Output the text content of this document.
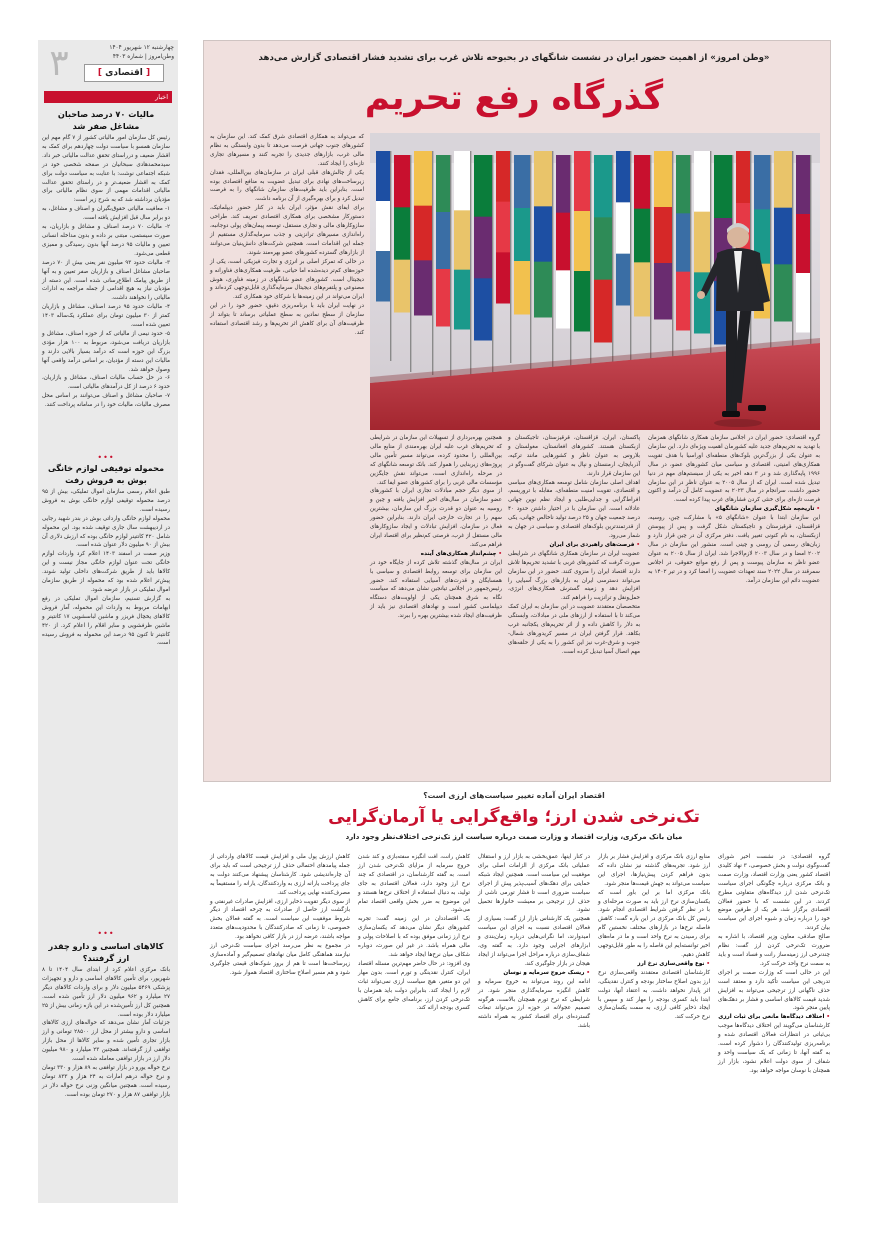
۳	چهارشنبه ۱۲ شهریور ۱۴۰۴
وطن‌امروز | شماره ۴۴۰۳
[ اقتصادی ]
اخبار
مالیات ۷۰ درصد صاحبان مشاغل صفر شد
رئیس کل سازمان امور مالیاتی کشور از ۷ گام مهم این سازمان همسو با سیاست دولت چهاردهم برای کمک به اقشار ضعیف و درراستای تحقق عدالت مالیاتی خبر داد. سیدمحمدهادی سبحانیان در صفحه شخصی خود در شبکه اجتماعی نوشت: با عنایت به سیاست دولت برای کمک به اقشار ضعیف‌تر و در راستای تحقق عدالت مالیاتی اقدامات مهمی از سوی نظام مالیاتی برای مؤدیان برداشته شد که به شرح زیر است:
۱- معافیت مالیاتی حقوق‌بگیران و اصناف و مشاغل، به دو برابر سال قبل افزایش یافته است.
۲- مالیات ۷۰ درصد اصناف و مشاغل و بازاریان، به صورت سیستمی، مبتنی بر داده و بدون مداخله انسانی تعیین و مالیات ۹۵ درصد آنها بدون رسیدگی و ممیزی قطعی می‌شود.
۳- مالیات حدود ۹۳ میلیون نفر یعنی بیش از ۷۰ درصد صاحبان مشاغل اصناف و بازاریان صفر تعیین و به آنها از طریق پیامک اطلاع‌رسانی شده است. این دسته از مؤدیان نیاز به هیچ اقدامی از جمله مراجعه به ادارات مالیاتی را نخواهند داشت.
۴- مالیات حدود ۹۵ درصد اصناف، مشاغل و بازاریان کمتر از ۳۰ میلیون تومان برای عملکرد یک‌ساله ۱۴۰۳ تعیین شده است.
۵- حدود نیمی از مالیاتی که از حوزه اصناف، مشاغل و بازاریان دریافت می‌شود، مربوط به ۱۰۰ هزار مؤدی بزرگ این حوزه است که درآمد بسیار بالایی دارند و مالیات این دسته از مؤدیان، بر اساس درآمد واقعی آنها وصول خواهد شد.
۶- در حل حساب مالیات اصناف، مشاغل و بازاریان، حدود ۶ درصد از کل درآمدهای مالیاتی است.
۷- صاحبان مشاغل و اصناف می‌توانند بر اساس محل مصرف مالیات، مالیات خود را در سامانه پرداخت کنند.
•••
محموله توقیفی لوازم خانگی بوش به فروش رفت
طبق اعلام رسمی سازمان اموال تملیکی، بیش از ۹۵ درصد محموله توقیفی لوازم خانگی بوش به فروش رسیده است.
محموله لوازم خانگی وارداتی بوش در بندر شهید رجایی در اردیبهشت سال جاری توقیف شده بود. این محموله شامل ۴۲۰ کانتینر لوازم خانگی بوده که ارزش دلاری آن بیش از ۹۰ میلیون دلار عنوان شده است.
وزیر صمت در اسفند ۱۴۰۳ اعلام کرد واردات لوازم خانگی تحت عنوان لوازم خانگی مجاز نیست و این کالاها باید از طریق شرکت‌های داخلی تولید شوند. پیش‌تر اعلام شده بود که محموله از طریق سازمان اموال تملیکی در بازار عرضه شود.
به گزارش تسنیم، سازمان اموال تملیکی در رفع ابهامات مربوط به واردات این محموله، آمار فروش کالاهای یخچال فریزر و ماشین لباسشویی ۱۷ کانتینر و ماشین ظرفشویی و سایر اقلام را اعلام کرد. از ۴۲۰ کانتینر تا کنون ۹۵ درصد این محموله به فروش رسیده است.
•••
کالاهای اساسی و دارو چقدر ارز گرفتند؟
بانک مرکزی اعلام کرد از ابتدای سال ۱۴۰۴ تا ۸ شهریور، برای تأمین کالاهای اساسی و دارو و تجهیزات پزشکی ۵۴۶۹ میلیون دلار و برای واردات کالاهای دیگر ۲۷ میلیارد و ۹۶۲ میلیون دلار ارز تأمین شده است. همچنین کل ارز تأمین‌شده در این بازه زمانی بیش از ۲۵ میلیارد دلار بوده است.
جزئیات آمار نشان می‌دهد که حواله‌های ارزی کالاهای اساسی و دارو بیشتر از محل ارز ۲۸۵۰۰ تومانی و ارز بازار تجاری تأمین شده و سایر کالاها از محل بازار توافقی ارز گرفته‌اند. همچنین ۲۳ میلیارد و ۹۸۰ میلیون دلار ارز در بازار توافقی معامله شده است.
نرخ حواله یورو در بازار توافقی به ۸۹ هزار و ۳۳۰ تومان و نرخ حواله درهم امارات به ۲۴ هزار و ۸۳۳ تومان رسیده است. همچنین میانگین وزنی نرخ حواله دلار در بازار توافقی ۸۷ هزار و ۲۷۰ تومان بوده است.
«وطن امروز» از اهمیت حضور ایران در نشست شانگهای در بحبوحه تلاش غرب برای تشدید فشار اقتصادی گزارش می‌دهد
گذرگاه رفع تحریم
گروه اقتصادی: حضور ایران در اجلاس سازمان همکاری شانگهای همزمان با تهدید به تحریم‌های جدید علیه کشورمان اهمیت ویژه‌ای دارد. این سازمان به عنوان یکی از بزرگ‌ترین بلوک‌های منطقه‌ای اوراسیا با هدف تقویت همکاری‌های امنیتی، اقتصادی و سیاسی میان کشورهای عضو، در سال ۱۹۹۶ پایه‌گذاری شد و در ۳ دهه اخیر به یکی از سیستم‌های مهم در دنیا تبدیل شده است. ایران که از سال ۲۰۰۵ به عنوان ناظر در این سازمان حضور داشت، سرانجام در سال ۲۰۲۳ به عضویت کامل آن درآمد و اکنون فرصت تازه‌ای برای خنثی کردن فشارهای غرب پیدا کرده است.
• تاریخچه شکل‌گیری سازمان شانگهای
این سازمان ابتدا با عنوان «شانگهای ۵» با مشارکت چین، روسیه، قزاقستان، قرقیزستان و تاجیکستان شکل گرفت و پس از پیوستن ازبکستان، به نام کنونی تغییر یافت. دفتر مرکزی آن در چین قرار دارد و زبان‌های رسمی آن روسی و چینی است. منشور این سازمان در سال ۲۰۰۲ امضا و در سال ۲۰۰۳ لازم‌الاجرا شد. ایران از سال ۲۰۰۵ به عنوان عضو ناظر به سازمان پیوست و پس از رفع موانع حقوقی، در اجلاس سمرقند در سال ۲۰۲۲ سند تعهدات عضویت را امضا کرد و در تیر ۱۴۰۲ به عضویت دائم این سازمان درآمد.
پاکستان، ایران، قزاقستان، قرقیزستان، تاجیکستان و ازبکستان هستند. کشورهای افغانستان، مغولستان و بلاروس به عنوان ناظر و کشورهایی مانند ترکیه، آذربایجان، ارمنستان و نپال به عنوان شرکای گفت‌وگو در این سازمان قرار دارند.
اهداف اصلی سازمان شامل توسعه همکاری‌های سیاسی و اقتصادی، تقویت امنیت منطقه‌ای، مقابله با تروریسم، افراط‌گرایی و جدایی‌طلبی و ایجاد نظم نوین جهانی عادلانه است. این سازمان با در اختیار داشتن حدود ۴۰ درصد جمعیت جهان و ۲۵ درصد تولید ناخالص جهانی، یکی از قدرتمندترین بلوک‌های اقتصادی و سیاسی در جهان به شمار می‌رود.
• فرصت‌های راهبردی برای ایران
عضویت ایران در سازمان همکاری شانگهای در شرایطی صورت گرفت که کشورهای غربی با تشدید تحریم‌ها تلاش دارند اقتصاد ایران را منزوی کنند. حضور در این سازمان می‌تواند دسترسی ایران به بازارهای بزرگ آسیایی را افزایش دهد و زمینه گسترش همکاری‌های انرژی، حمل‌ونقل و ترانزیت را فراهم کند.
متخصصان معتقدند عضویت در این سازمان به ایران کمک می‌کند تا با استفاده از ارزهای ملی در مبادلات، وابستگی به دلار را کاهش داده و از اثر تحریم‌های یکجانبه غرب بکاهد. قرار گرفتن ایران در مسیر کریدورهای شمال-جنوب و شرق-غرب نیز این کشور را به یکی از حلقه‌های مهم اتصال آسیا تبدیل کرده است.
همچنین بهره‌برداری از تسهیلات این سازمان در شرایطی که تحریم‌های غرب علیه ایران بهره‌مندی از منابع مالی بین‌المللی را محدود کرده، می‌تواند مسیر تأمین مالی پروژه‌های زیربنایی را هموار کند. بانک توسعه شانگهای که در مرحله راه‌اندازی است، می‌تواند نقش جایگزین مؤسسات مالی غربی را برای کشورهای عضو ایفا کند.
از سوی دیگر حجم مبادلات تجاری ایران با کشورهای عضو سازمان در سال‌های اخیر افزایش یافته و چین و روسیه به عنوان دو قدرت بزرگ این سازمان، بیشترین سهم را در تجارت خارجی ایران دارند. بنابراین حضور فعال در سازمان، افزایش تبادلات و ایجاد سازوکارهای مالی مستقل از غرب، فرصتی کم‌نظیر برای اقتصاد ایران فراهم می‌کند.
• چشم‌انداز همکاری‌های آینده
ایران در سال‌های گذشته تلاش کرده از جایگاه خود در این سازمان برای توسعه روابط اقتصادی و سیاسی با همسایگان و قدرت‌های آسیایی استفاده کند. حضور رئیس‌جمهور در اجلاس تیانجین نشان می‌دهد که سیاست نگاه به شرق همچنان یکی از اولویت‌های دستگاه دیپلماسی کشور است و نهادهای اقتصادی نیز باید از ظرفیت‌های ایجاد شده بیشترین بهره را ببرند.
که می‌تواند به همکاری اقتصادی شرق کمک کند. این سازمان به کشورهای جنوب جهانی فرصت می‌دهد تا بدون وابستگی به نظام مالی غرب، بازارهای جدیدی را تجربه کنند و مسیرهای تجاری تازه‌ای را ایجاد کنند.
یکی از چالش‌های قبلی ایران در سازمان‌های بین‌المللی، فقدان زیرساخت‌های نهادی برای تبدیل عضویت به منافع اقتصادی بوده است. بنابراین باید ظرفیت‌های سازمان شانگهای را به فرصت تبدیل کرد و برای بهره‌گیری از آن برنامه داشت.
برای ایفای نقش مؤثر، ایران باید در کنار حضور دیپلماتیک، دستورکار مشخصی برای همکاری اقتصادی تعریف کند. طراحی سازوکارهای مالی و تجاری مستقل، توسعه پیمان‌های پولی دوجانبه، راه‌اندازی مسیرهای ترانزیتی و جذب سرمایه‌گذاری مستقیم از جمله این اقدامات است. همچنین شرکت‌های دانش‌بنیان می‌توانند از بازارهای گسترده کشورهای عضو بهره‌مند شوند.
در حالی که تمرکز اصلی بر انرژی و تجارت فیزیکی است، یکی از حوزه‌های کم‌تر دیده‌شده اما حیاتی، ظرفیت همکاری‌های فناورانه و دیجیتال است. کشورهای عضو شانگهای در زمینه فناوری، هوش مصنوعی و پلتفرم‌های دیجیتال سرمایه‌گذاری قابل‌توجهی کرده‌اند و ایران می‌تواند در این زمینه‌ها با شرکای خود همکاری کند.
در نهایت ایران باید با برنامه‌ریزی دقیق، حضور خود را در این سازمان از سطح نمادین به سطح عملیاتی برساند تا بتواند از ظرفیت‌های آن برای کاهش اثر تحریم‌ها و رشد اقتصادی استفاده کند.
اقتصاد ایران آماده تغییر سیاست‌های ارزی است؟
تک‌نرخی شدن ارز؛ واقع‌گرایی یا آرمان‌گرایی
میان بانک مرکزی، وزارت اقتصاد و وزارت صمت درباره سیاست ارز تک‌نرخی اختلاف‌نظر وجود دارد
گروه اقتصادی: در نشست اخیر شورای گفت‌وگوی دولت و بخش خصوصی، ۳ نهاد کلیدی اقتصاد کشور یعنی وزارت اقتصاد، وزارت صمت و بانک مرکزی درباره چگونگی اجرای سیاست تک‌نرخی شدن ارز دیدگاه‌های متفاوتی مطرح کردند. در این نشست که با حضور فعالان اقتصادی برگزار شد، هر یک از طرفین موضع خود را درباره زمان و شیوه اجرای این سیاست بیان کردند.
صالح صادقی، معاون وزیر اقتصاد، با اشاره به ضرورت تک‌نرخی کردن ارز گفت: نظام چندنرخی ارز زمینه‌ساز رانت و فساد است و باید به سمت نرخ واحد حرکت کرد.
این در حالی است که وزارت صمت بر اجرای تدریجی این سیاست تأکید دارد و معتقد است حذف ناگهانی ارز ترجیحی می‌تواند به افزایش شدید قیمت کالاهای اساسی و فشار بر دهک‌های پایین منجر شود.
• اختلاف دیدگاه‌ها مانعی برای ثبات ارزی
کارشناسان می‌گویند این اختلاف دیدگاه‌ها موجب بی‌ثباتی در انتظارات فعالان اقتصادی شده و برنامه‌ریزی تولیدکنندگان را دشوار کرده است. به گفته آنها، تا زمانی که یک سیاست واحد و شفاف از سوی دولت اعلام نشود، بازار ارز همچنان با نوسان مواجه خواهد بود.
منابع ارزی بانک مرکزی و افزایش فشار بر بازار ارز شود. تجربه‌های گذشته نیز نشان داده که بدون فراهم کردن پیش‌نیازها، اجرای این سیاست می‌تواند به جهش قیمت‌ها منجر شود.
بانک مرکزی اما بر این باور است که یکسان‌سازی نرخ ارز باید به صورت مرحله‌ای و با در نظر گرفتن شرایط اقتصادی انجام شود. رئیس کل بانک مرکزی در این باره گفت: کاهش فاصله نرخ‌ها در بازارهای مختلف نخستین گام برای رسیدن به نرخ واحد است و ما در ماه‌های اخیر توانسته‌ایم این فاصله را به طور قابل‌توجهی کاهش دهیم.
• نوع واقعی‌سازی نرخ ارز
کارشناسان اقتصادی معتقدند واقعی‌سازی نرخ ارز بدون اصلاح ساختار بودجه و کنترل نقدینگی، اثر پایدار نخواهد داشت. به اعتقاد آنها، دولت ابتدا باید کسری بودجه را مهار کند و سپس با ایجاد ذخایر کافی ارزی، به سمت یکسان‌سازی نرخ حرکت کند.
در کنار اینها، عمق‌بخشی به بازار ارز و استقلال عملیاتی بانک مرکزی از الزامات اصلی برای موفقیت این سیاست است. همچنین ایجاد شبکه حمایتی برای دهک‌های آسیب‌پذیر پیش از اجرای سیاست ضروری است تا فشار تورمی ناشی از حذف ارز ترجیحی بر معیشت خانوارها تحمیل نشود.
همچنین یک کارشناس بازار ارز گفت: بسیاری از فعالان اقتصادی نسبت به اجرای این سیاست امیدوارند، اما نگرانی‌هایی درباره زمان‌بندی و ابزارهای اجرایی وجود دارد. به گفته وی، شفاف‌سازی درباره مراحل اجرا می‌تواند از ایجاد هیجان در بازار جلوگیری کند.
• ریسک خروج سرمایه و نوسان
ادامه این روند می‌تواند به خروج سرمایه و کاهش انگیزه سرمایه‌گذاری منجر شود. در شرایطی که نرخ تورم همچنان بالاست، هرگونه تصمیم عجولانه در حوزه ارز می‌تواند تبعات گسترده‌ای برای اقتصاد کشور به همراه داشته باشد.
کاهش رانت، افت انگیزه سفته‌بازی و کند شدن خروج سرمایه از مزایای تک‌نرخی شدن ارز است. به گفته کارشناسان، در اقتصادی که چند نرخ ارز وجود دارد، فعالان اقتصادی به جای تولید، به دنبال استفاده از اختلاف نرخ‌ها هستند و این موضوع به ضرر بخش واقعی اقتصاد تمام می‌شود.
یک اقتصاددان در این زمینه گفت: تجربه کشورهای دیگر نشان می‌دهد که یکسان‌سازی نرخ ارز زمانی موفق بوده که با اصلاحات پولی و مالی همراه باشد. در غیر این صورت، دوباره شکاف میان نرخ‌ها ایجاد خواهد شد.
وی افزود: در حال حاضر مهم‌ترین مسئله اقتصاد ایران، کنترل نقدینگی و تورم است. بدون مهار این دو متغیر، هیچ سیاست ارزی نمی‌تواند ثبات لازم را ایجاد کند. بنابراین دولت باید همزمان با تک‌نرخی کردن ارز، برنامه‌ای جامع برای کاهش کسری بودجه ارائه کند.
کاهش ارزش پول ملی و افزایش قیمت کالاهای وارداتی از جمله پیامدهای احتمالی حذف ارز ترجیحی است که باید برای آن چاره‌اندیشی شود. کارشناسان پیشنهاد می‌کنند دولت به جای پرداخت یارانه ارزی به واردکنندگان، یارانه را مستقیماً به مصرف‌کننده نهایی پرداخت کند.
از سوی دیگر تقویت ذخایر ارزی، افزایش صادرات غیرنفتی و بازگشت ارز حاصل از صادرات به چرخه اقتصاد از دیگر شروط موفقیت این سیاست است. به گفته فعالان بخش خصوصی، تا زمانی که صادرکنندگان با محدودیت‌های متعدد مواجه باشند، عرضه ارز در بازار کافی نخواهد بود.
در مجموع به نظر می‌رسد اجرای سیاست تک‌نرخی ارز نیازمند هماهنگی کامل میان نهادهای تصمیم‌گیر و آماده‌سازی زیرساخت‌ها است تا هم از بروز شوک‌های قیمتی جلوگیری شود و هم مسیر اصلاح ساختاری اقتصاد هموار شود.
